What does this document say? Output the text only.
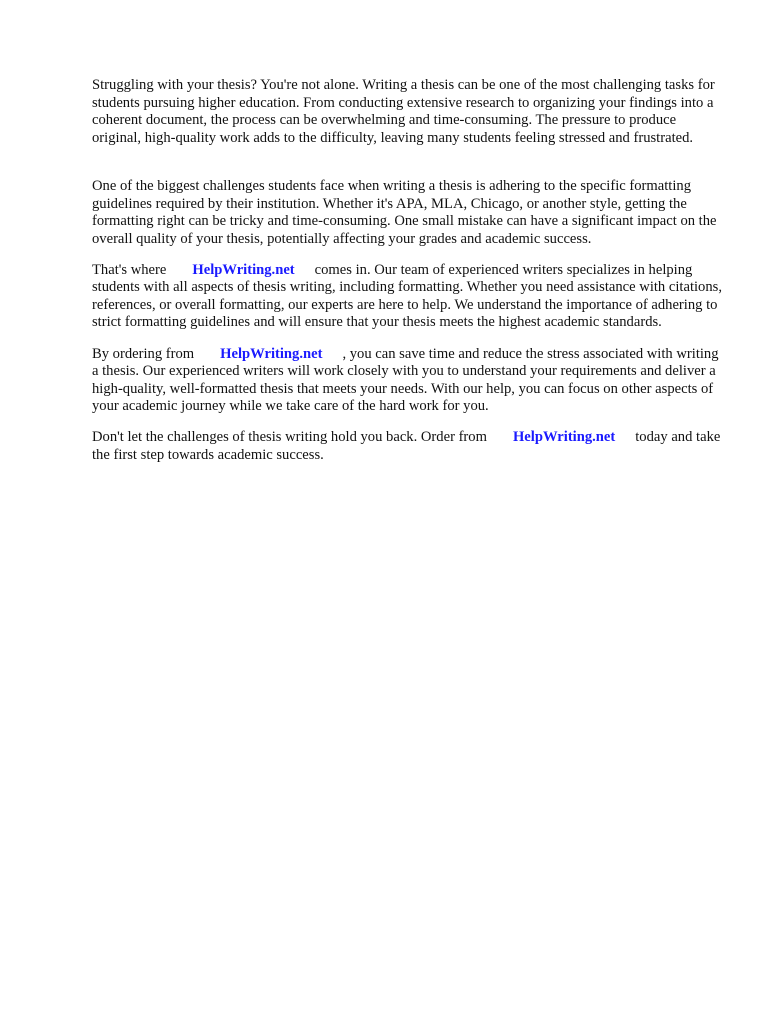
Struggling with your thesis? You're not alone. Writing a thesis can be one of the most challenging tasks for students pursuing higher education. From conducting extensive research to organizing your findings into a coherent document, the process can be overwhelming and time-consuming. The pressure to produce original, high-quality work adds to the difficulty, leaving many students feeling stressed and frustrated.

One of the biggest challenges students face when writing a thesis is adhering to the specific formatting guidelines required by their institution. Whether it's APA, MLA, Chicago, or another style, getting the formatting right can be tricky and time-consuming. One small mistake can have a significant impact on the overall quality of your thesis, potentially affecting your grades and academic success.

That's where HelpWriting.net comes in. Our team of experienced writers specializes in helping students with all aspects of thesis writing, including formatting. Whether you need assistance with citations, references, or overall formatting, our experts are here to help. We understand the importance of adhering to strict formatting guidelines and will ensure that your thesis meets the highest academic standards.

By ordering from HelpWriting.net , you can save time and reduce the stress associated with writing a thesis. Our experienced writers will work closely with you to understand your requirements and deliver a high-quality, well-formatted thesis that meets your needs. With our help, you can focus on other aspects of your academic journey while we take care of the hard work for you.

Don't let the challenges of thesis writing hold you back. Order from HelpWriting.net today and take the first step towards academic success.
